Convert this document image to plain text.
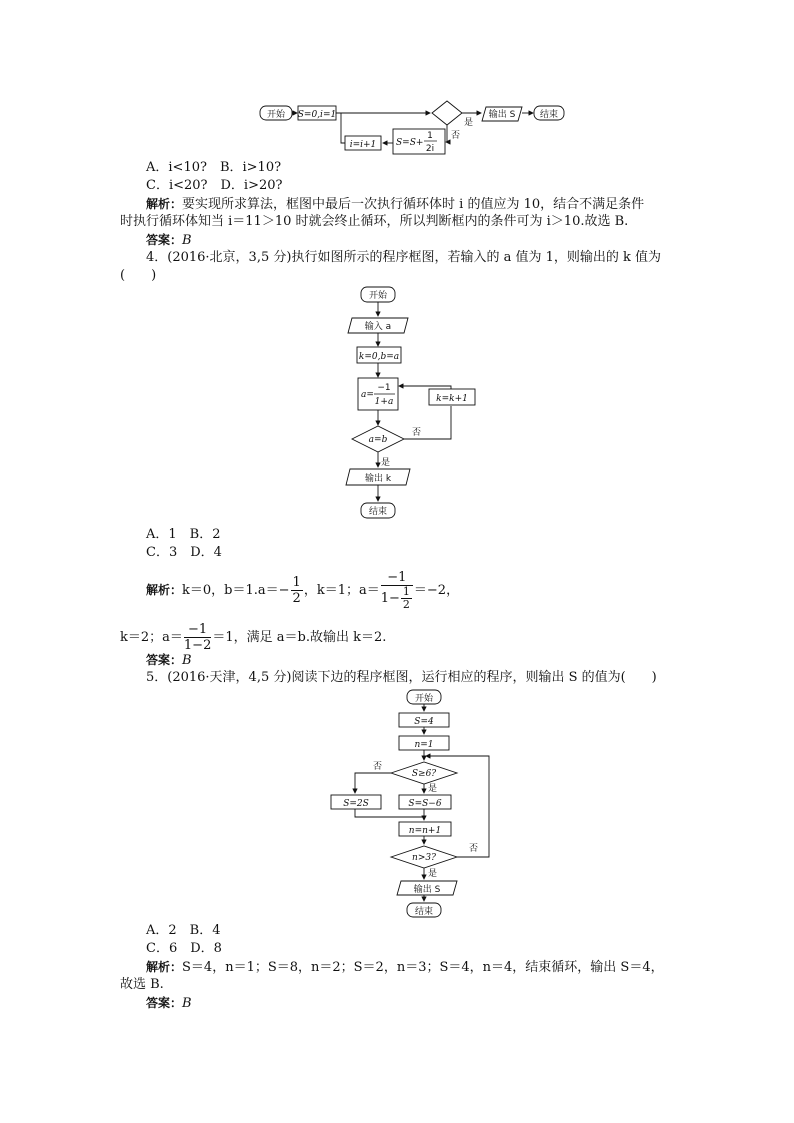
开始 S=0,i=1
是
输出 S	结束
否
S=S+
1
2i
i=i+1
A．i<10?　B．i>10?
C．i<20?　D．i>20?
解析：要实现所求算法，框图中最后一次执行循环体时 i 的值应为 10，结合不满足条件
时执行循环体知当 i＝11＞10 时就会终止循环，所以判断框内的条件可为 i＞10.故选 B.
答案：B
4．(2016·北京，3,5 分)执行如图所示的程序框图，若输入的 a 值为 1，则输出的 k 值为
(　　)
开始
输入 a
k=0,b=a
a=
−1
1+a	k=k+1
a=b
否
是
输出 k
结束
A．1　B．2
C．3　D．4
解析：k＝0，$b=1.a=- \frac{1}{2}$ ，k＝1；$a= \frac{-1}{1- \frac{1}{2}} =-2$，
k＝2；$a= \frac{-1}{1-2} =1$，满足 a＝b.故输出 k＝2.
答案：B
5．(2016·天津，4,5 分)阅读下边的程序框图，运行相应的程序，则输出 S 的值为(　　)
开始
S=4
n=1
S≥6?
否
是
S=2S	S=S−6
n=n+1
n>3?
否
是
输出 S
结束
A．2　B．4
C．6　D．8
解析：S＝4，n＝1；S＝8，n＝2；S＝2，n＝3；S＝4，n＝4，结束循环，输出 S＝4，
故选 B.
答案：B
